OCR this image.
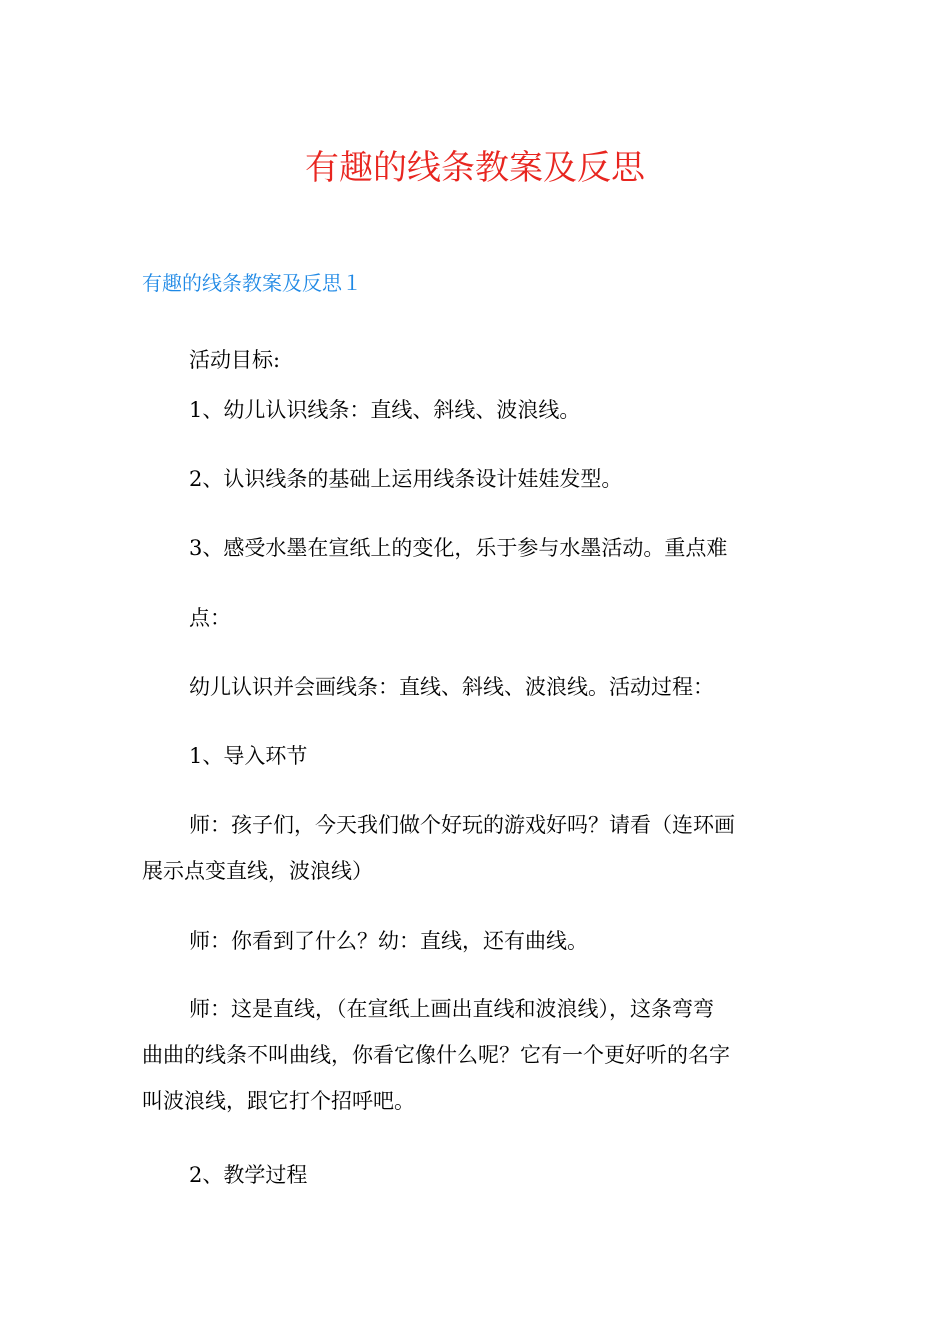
有趣的线条教案及反思
有趣的线条教案及反思１

活动目标:

1、幼儿认识线条：直线、斜线、波浪线。

2、认识线条的基础上运用线条设计娃娃发型。

3、感受水墨在宣纸上的变化，乐于参与水墨活动。重点难

点：

幼儿认识并会画线条：直线、斜线、波浪线。活动过程：

1、导入环节

师：孩子们，今天我们做个好玩的游戏好吗？请看（连环画
展示点变直线，波浪线）

师：你看到了什么？幼：直线，还有曲线。

师：这是直线，（在宣纸上画出直线和波浪线），这条弯弯
曲曲的线条不叫曲线，你看它像什么呢？它有一个更好听的名字
叫波浪线，跟它打个招呼吧。

2、教学过程
